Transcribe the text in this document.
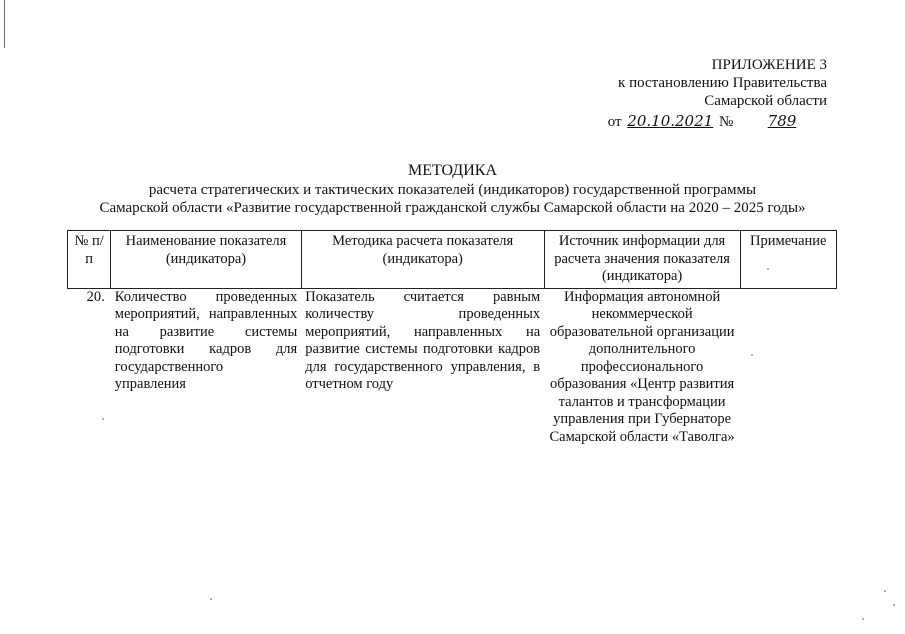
ПРИЛОЖЕНИЕ 3
к постановлению Правительства
Самарской области
от 20.10.2021 № 789
МЕТОДИКА
расчета стратегических и тактических показателей (индикаторов) государственной программы
Самарской области «Развитие государственной гражданской службы Самарской области на 2020 – 2025 годы»
№ п/п	Наименование показателя (индикатора)	Методика расчета показателя (индикатора)	Источник информации для расчета значения показателя (индикатора)	Примечание
20.	Количество проведенных мероприятий, направленных на развитие системы подготовки кадров для государственного управления	Показатель считается равным количеству проведенных мероприятий, направленных на развитие системы подготовки кадров для государственного управления, в отчетном году	Информация автономной некоммерческой образовательной организации дополнительного профессионального образования «Центр развития талантов и трансформации управления при Губернаторе Самарской области «Таволга»	
